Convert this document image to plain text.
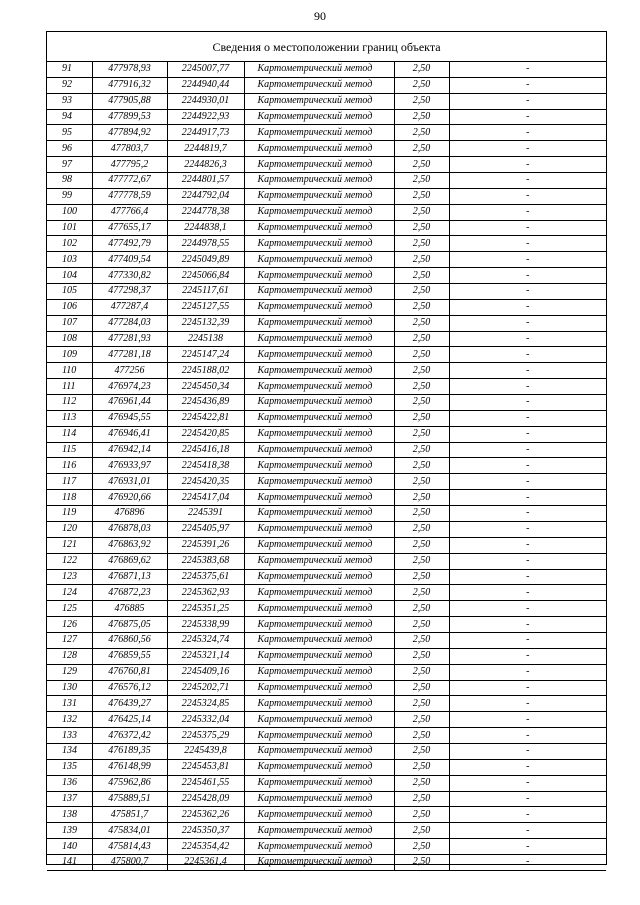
90
Сведения о местоположении границ объекта
91	477978,93	2245007,77	Картометрический метод	2,50	-
92	477916,32	2244940,44	Картометрический метод	2,50	-
93	477905,88	2244930,01	Картометрический метод	2,50	-
94	477899,53	2244922,93	Картометрический метод	2,50	-
95	477894,92	2244917,73	Картометрический метод	2,50	-
96	477803,7	2244819,7	Картометрический метод	2,50	-
97	477795,2	2244826,3	Картометрический метод	2,50	-
98	477772,67	2244801,57	Картометрический метод	2,50	-
99	477778,59	2244792,04	Картометрический метод	2,50	-
100	477766,4	2244778,38	Картометрический метод	2,50	-
101	477655,17	2244838,1	Картометрический метод	2,50	-
102	477492,79	2244978,55	Картометрический метод	2,50	-
103	477409,54	2245049,89	Картометрический метод	2,50	-
104	477330,82	2245066,84	Картометрический метод	2,50	-
105	477298,37	2245117,61	Картометрический метод	2,50	-
106	477287,4	2245127,55	Картометрический метод	2,50	-
107	477284,03	2245132,39	Картометрический метод	2,50	-
108	477281,93	2245138	Картометрический метод	2,50	-
109	477281,18	2245147,24	Картометрический метод	2,50	-
110	477256	2245188,02	Картометрический метод	2,50	-
111	476974,23	2245450,34	Картометрический метод	2,50	-
112	476961,44	2245436,89	Картометрический метод	2,50	-
113	476945,55	2245422,81	Картометрический метод	2,50	-
114	476946,41	2245420,85	Картометрический метод	2,50	-
115	476942,14	2245416,18	Картометрический метод	2,50	-
116	476933,97	2245418,38	Картометрический метод	2,50	-
117	476931,01	2245420,35	Картометрический метод	2,50	-
118	476920,66	2245417,04	Картометрический метод	2,50	-
119	476896	2245391	Картометрический метод	2,50	-
120	476878,03	2245405,97	Картометрический метод	2,50	-
121	476863,92	2245391,26	Картометрический метод	2,50	-
122	476869,62	2245383,68	Картометрический метод	2,50	-
123	476871,13	2245375,61	Картометрический метод	2,50	-
124	476872,23	2245362,93	Картометрический метод	2,50	-
125	476885	2245351,25	Картометрический метод	2,50	-
126	476875,05	2245338,99	Картометрический метод	2,50	-
127	476860,56	2245324,74	Картометрический метод	2,50	-
128	476859,55	2245321,14	Картометрический метод	2,50	-
129	476760,81	2245409,16	Картометрический метод	2,50	-
130	476576,12	2245202,71	Картометрический метод	2,50	-
131	476439,27	2245324,85	Картометрический метод	2,50	-
132	476425,14	2245332,04	Картометрический метод	2,50	-
133	476372,42	2245375,29	Картометрический метод	2,50	-
134	476189,35	2245439,8	Картометрический метод	2,50	-
135	476148,99	2245453,81	Картометрический метод	2,50	-
136	475962,86	2245461,55	Картометрический метод	2,50	-
137	475889,51	2245428,09	Картометрический метод	2,50	-
138	475851,7	2245362,26	Картометрический метод	2,50	-
139	475834,01	2245350,37	Картометрический метод	2,50	-
140	475814,43	2245354,42	Картометрический метод	2,50	-
141	475800,7	2245361,4	Картометрический метод	2,50	-
